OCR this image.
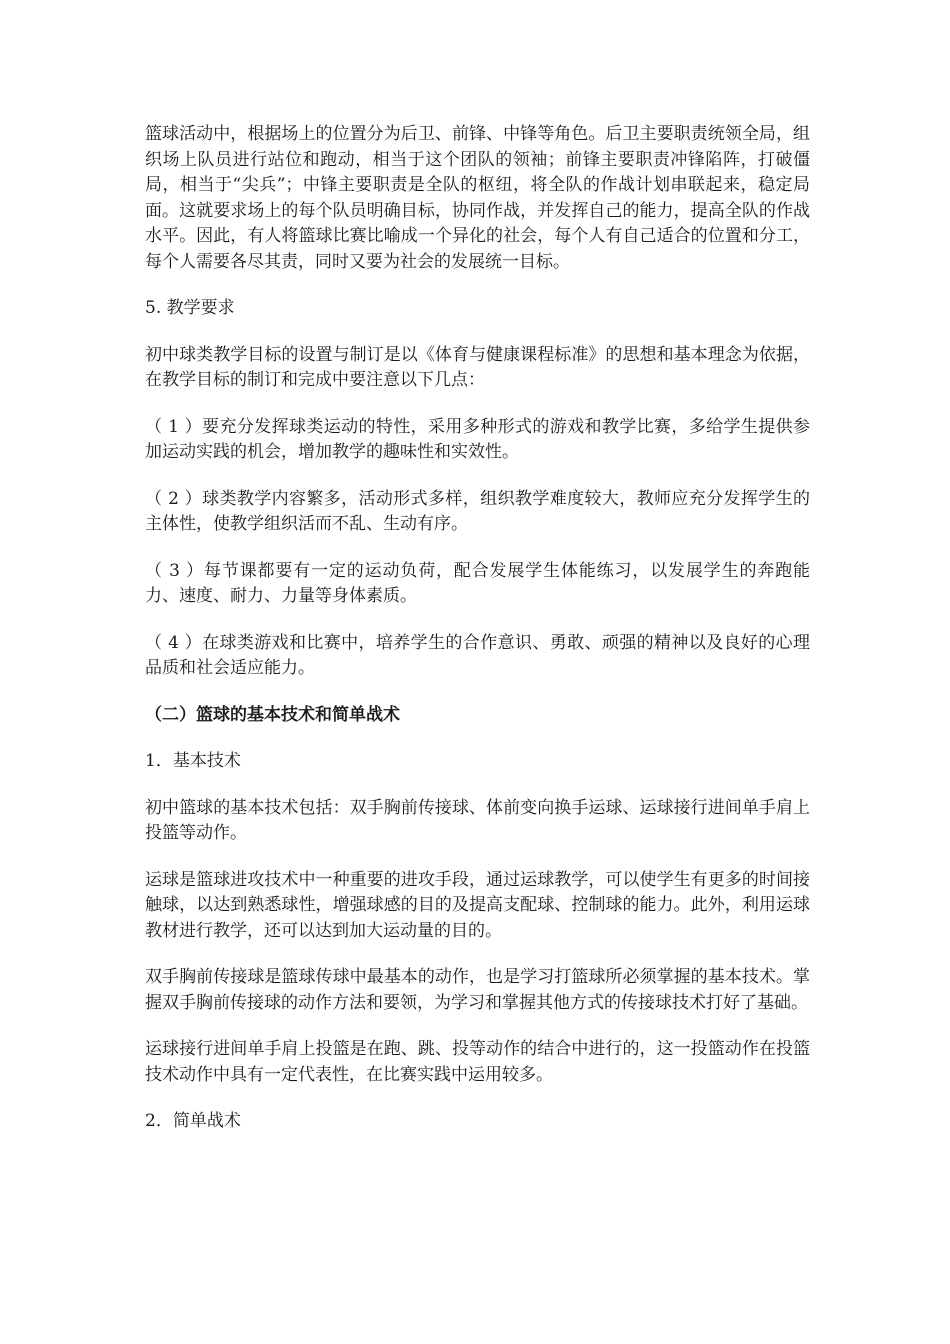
篮球活动中，根据场上的位置分为后卫、前锋、中锋等角色。后卫主要职责统领全局，组织场上队员进行站位和跑动，相当于这个团队的领袖；前锋主要职责冲锋陷阵，打破僵局，相当于“尖兵”；中锋主要职责是全队的枢纽，将全队的作战计划串联起来，稳定局面。这就要求场上的每个队员明确目标，协同作战，并发挥自己的能力，提高全队的作战水平。因此，有人将篮球比赛比喻成一个异化的社会，每个人有自己适合的位置和分工，每个人需要各尽其责，同时又要为社会的发展统一目标。

5. 教学要求

初中球类教学目标的设置与制订是以《体育与健康课程标准》的思想和基本理念为依据，在教学目标的制订和完成中要注意以下几点：

（ 1 ）要充分发挥球类运动的特性，采用多种形式的游戏和教学比赛，多给学生提供参加运动实践的机会，增加教学的趣味性和实效性。

（ 2 ）球类教学内容繁多，活动形式多样，组织教学难度较大，教师应充分发挥学生的主体性，使教学组织活而不乱、生动有序。

（ 3 ）每节课都要有一定的运动负荷，配合发展学生体能练习，以发展学生的奔跑能力、速度、耐力、力量等身体素质。

（ 4 ）在球类游戏和比赛中，培养学生的合作意识、勇敢、顽强的精神以及良好的心理品质和社会适应能力。

（二）篮球的基本技术和简单战术

1．基本技术

初中篮球的基本技术包括：双手胸前传接球、体前变向换手运球、运球接行进间单手肩上投篮等动作。

运球是篮球进攻技术中一种重要的进攻手段，通过运球教学，可以使学生有更多的时间接触球，以达到熟悉球性，增强球感的目的及提高支配球、控制球的能力。此外，利用运球教材进行教学，还可以达到加大运动量的目的。

双手胸前传接球是篮球传球中最基本的动作，也是学习打篮球所必须掌握的基本技术。掌握双手胸前传接球的动作方法和要领，为学习和掌握其他方式的传接球技术打好了基础。

运球接行进间单手肩上投篮是在跑、跳、投等动作的结合中进行的，这一投篮动作在投篮技术动作中具有一定代表性，在比赛实践中运用较多。

2．简单战术
